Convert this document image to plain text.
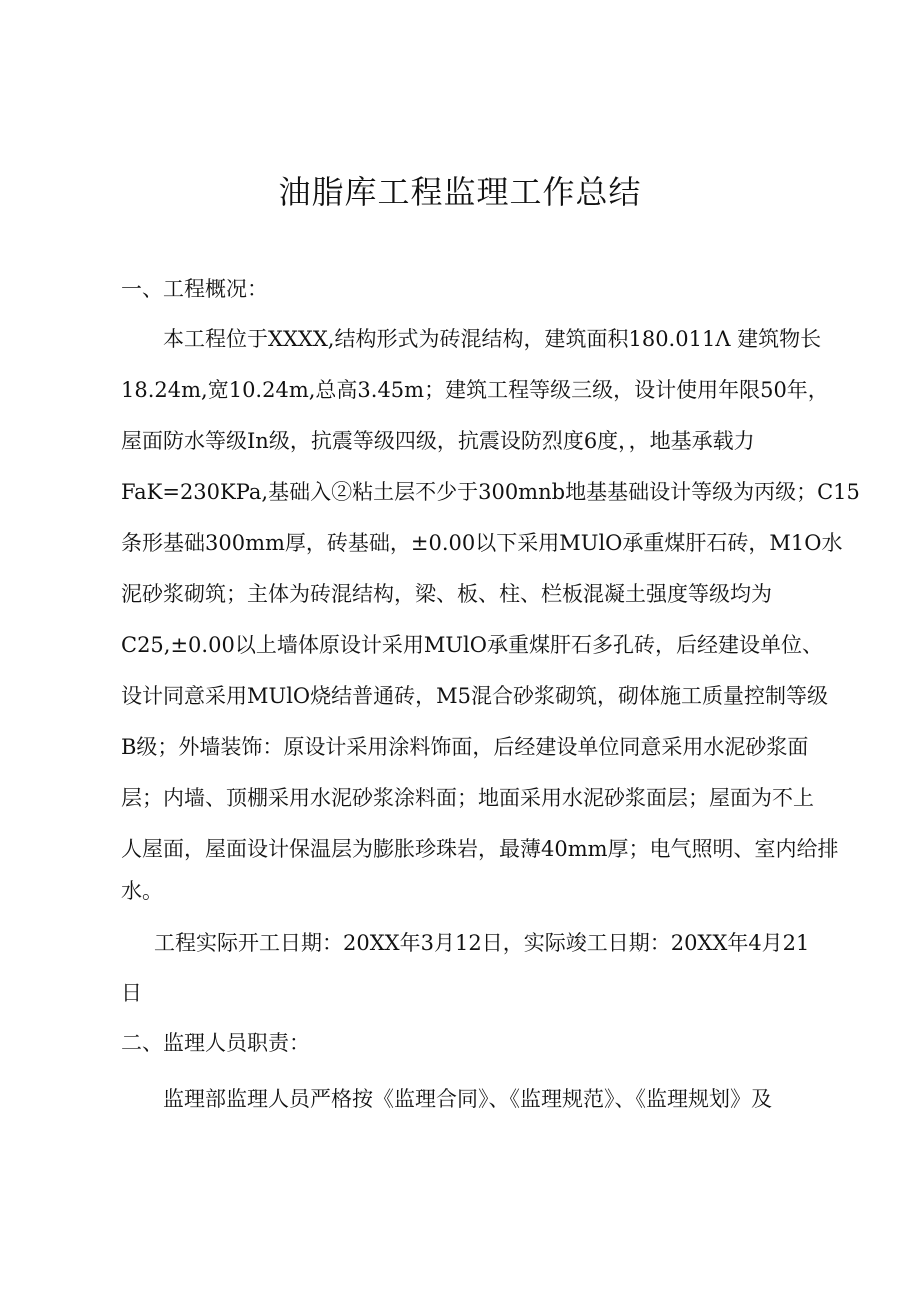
油脂库工程监理工作总结
一、工程概况：
本工程位于XXXX,结构形式为砖混结构，建筑面积180.011Λ 建筑物长
18.24m,宽10.24m,总高3.45m；建筑工程等级三级，设计使用年限50年，
屋面防水等级In级，抗震等级四级，抗震设防烈度6度，，地基承载力
FaK=230KPa,基础入②粘土层不少于300mnb地基基础设计等级为丙级；C15
条形基础300mm厚，砖基础，±0.00以下采用MUlO承重煤肝石砖，M1O水
泥砂浆砌筑；主体为砖混结构，梁、板、柱、栏板混凝土强度等级均为
C25,±0.00以上墙体原设计采用MUlO承重煤肝石多孔砖，后经建设单位、
设计同意采用MUlO烧结普通砖，M5混合砂浆砌筑，砌体施工质量控制等级
B级；外墙装饰：原设计采用涂料饰面，后经建设单位同意采用水泥砂浆面
层；内墙、顶棚采用水泥砂浆涂料面；地面采用水泥砂浆面层；屋面为不上
人屋面，屋面设计保温层为膨胀珍珠岩，最薄40mm厚；电气照明、室内给排
水。
工程实际开工日期：20XX年3月12日，实际竣工日期：20XX年4月21
日
二、监理人员职责：
监理部监理人员严格按《监理合同》、《监理规范》、《监理规划》及
